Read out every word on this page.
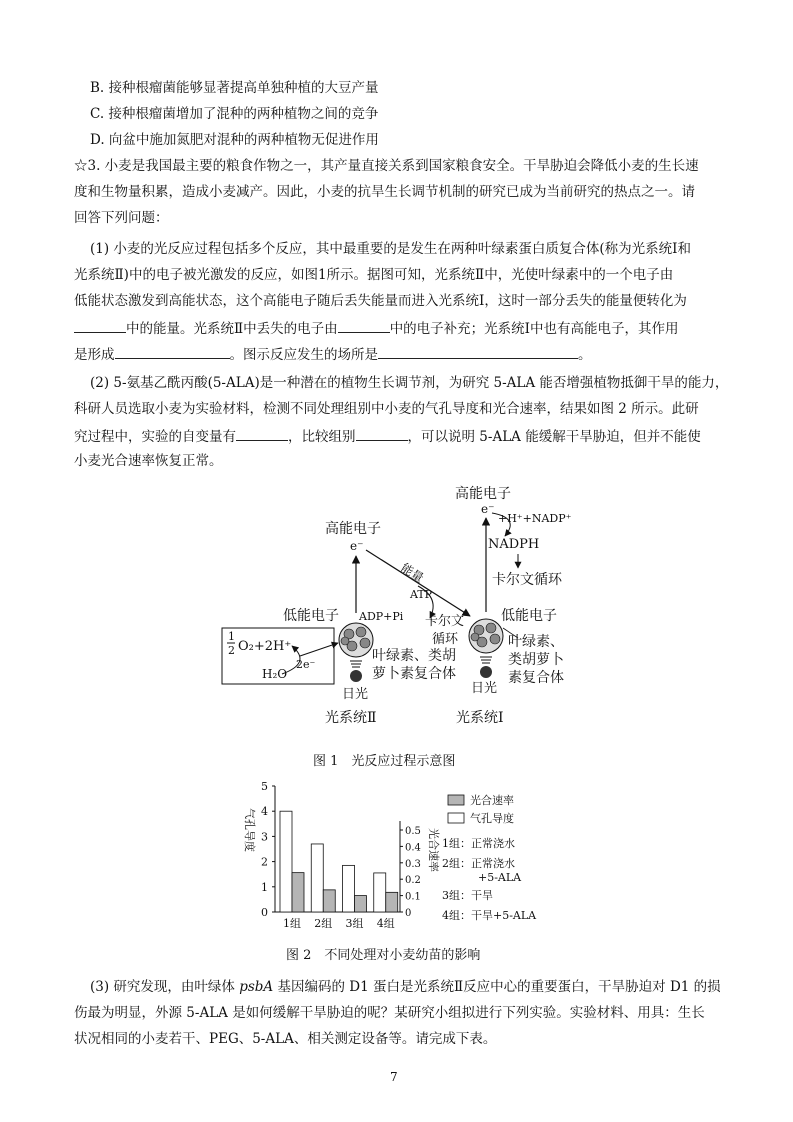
B. 接种根瘤菌能够显著提高单独种植的大豆产量
C. 接种根瘤菌增加了混种的两种植物之间的竞争
D. 向盆中施加氮肥对混种的两种植物无促进作用
☆3. 小麦是我国最主要的粮食作物之一，其产量直接关系到国家粮食安全。干旱胁迫会降低小麦的生长速
度和生物量积累，造成小麦减产。因此，小麦的抗旱生长调节机制的研究已成为当前研究的热点之一。请
回答下列问题：
(1) 小麦的光反应过程包括多个反应，其中最重要的是发生在两种叶绿素蛋白质复合体(称为光系统Ⅰ和
光系统Ⅱ)中的电子被光激发的反应，如图1所示。据图可知，光系统Ⅱ中，光使叶绿素中的一个电子由
低能状态激发到高能状态，这个高能电子随后丢失能量而进入光系统Ⅰ，这时一部分丢失的能量便转化为
中的能量。光系统Ⅱ中丢失的电子由	中的电子补充；光系统Ⅰ中也有高能电子，其作用
是形成	。图示反应发生的场所是	。
(2) 5-氨基乙酰丙酸(5-ALA)是一种潜在的植物生长调节剂，为研究 5-ALA 能否增强植物抵御干旱的能力，
科研人员选取小麦为实验材料，检测不同处理组别中小麦的气孔导度和光合速率，结果如图 2 所示。此研
究过程中，实验的自变量有	，比较组别	，可以说明 5-ALA 能缓解干旱胁迫，但并不能使
小麦光合速率恢复正常。
高能电子
e⁻
能量
ATP
ADP+Pi 卡尔文
循环
低能电子
日光
叶绿素、类胡
萝卜素复合体
光系统Ⅱ
1
2 O₂+2H⁺
H₂O
2e⁻
高能电子
e⁻
+H⁺+NADP⁺
NADPH
卡尔文循环
低能电子
日光
叶绿素、
类胡萝卜
素复合体
光系统Ⅰ
图 1　光反应过程示意图
气孔导度	光合速率
光合速率
气孔导度
1组：正常浇水
2组：正常浇水
+5-ALA
3组：干旱
4组：干旱+5-ALA
0
1
2
3
4
5
0
0.1
0.2
0.3
0.4
0.5
1组 2组 3组 4组
图 2　不同处理对小麦幼苗的影响
(3) 研究发现，由叶绿体 psbA 基因编码的 D1 蛋白是光系统Ⅱ反应中心的重要蛋白，干旱胁迫对 D1 的损
伤最为明显，外源 5-ALA 是如何缓解干旱胁迫的呢？某研究小组拟进行下列实验。实验材料、用具：生长
状况相同的小麦若干、PEG、5-ALA、相关测定设备等。请完成下表。
7
